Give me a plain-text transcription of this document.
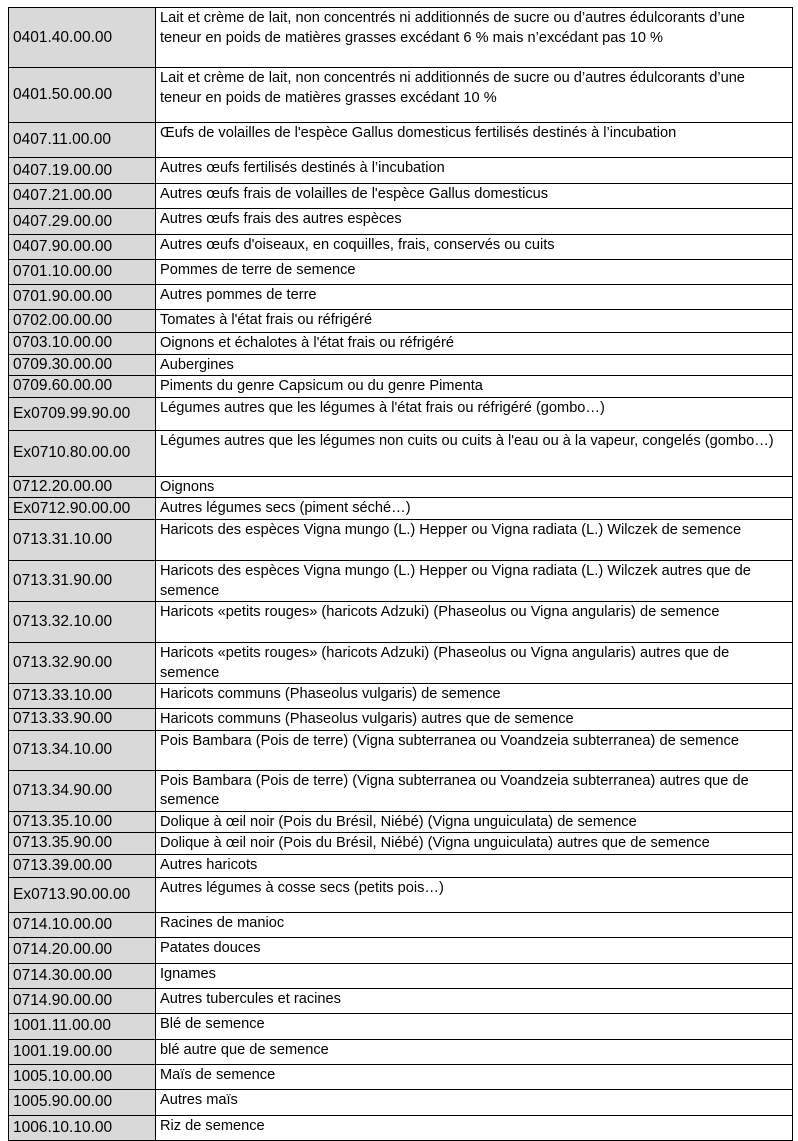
0401.40.00.00	Lait et crème de lait, non concentrés ni additionnés de sucre ou d’autres édulcorants d’une teneur en poids de matières grasses excédant 6 % mais n’excédant pas 10 %
0401.50.00.00	Lait et crème de lait, non concentrés ni additionnés de sucre ou d’autres édulcorants d’une teneur en poids de matières grasses excédant 10 %
0407.11.00.00	Œufs de volailles de l'espèce Gallus domesticus fertilisés destinés à l’incubation
0407.19.00.00	Autres œufs fertilisés destinés à l’incubation
0407.21.00.00	Autres œufs frais de volailles de l'espèce Gallus domesticus
0407.29.00.00	Autres œufs frais des autres espèces
0407.90.00.00	Autres œufs d'oiseaux, en coquilles, frais, conservés ou cuits
0701.10.00.00	Pommes de terre de semence
0701.90.00.00	Autres pommes de terre
0702.00.00.00	Tomates à l'état frais ou réfrigéré
0703.10.00.00	Oignons et échalotes à l'état frais ou réfrigéré
0709.30.00.00	Aubergines
0709.60.00.00	Piments du genre Capsicum ou du genre Pimenta
Ex0709.99.90.00	Légumes autres que les légumes à l'état frais ou réfrigéré (gombo…)
Ex0710.80.00.00	Légumes autres que les légumes non cuits ou cuits à l'eau ou à la vapeur, congelés (gombo…)
0712.20.00.00	Oignons
Ex0712.90.00.00	Autres légumes secs (piment séché…)
0713.31.10.00	Haricots des espèces Vigna mungo (L.) Hepper ou Vigna radiata (L.) Wilczek de semence
0713.31.90.00	Haricots des espèces Vigna mungo (L.) Hepper ou Vigna radiata (L.) Wilczek autres que de semence
0713.32.10.00	Haricots «petits rouges» (haricots Adzuki) (Phaseolus ou Vigna angularis) de semence
0713.32.90.00	Haricots «petits rouges» (haricots Adzuki) (Phaseolus ou Vigna angularis) autres que de semence
0713.33.10.00	Haricots communs (Phaseolus vulgaris) de semence
0713.33.90.00	Haricots communs (Phaseolus vulgaris) autres que de semence
0713.34.10.00	Pois Bambara (Pois de terre) (Vigna subterranea ou Voandzeia subterranea) de semence
0713.34.90.00	Pois Bambara (Pois de terre) (Vigna subterranea ou Voandzeia subterranea) autres que de semence
0713.35.10.00	Dolique à œil noir (Pois du Brésil, Niébé) (Vigna unguiculata) de semence
0713.35.90.00	Dolique à œil noir (Pois du Brésil, Niébé) (Vigna unguiculata) autres que de semence
0713.39.00.00	Autres haricots
Ex0713.90.00.00	Autres légumes à cosse secs (petits pois…)
0714.10.00.00	Racines de manioc
0714.20.00.00	Patates douces
0714.30.00.00	Ignames
0714.90.00.00	Autres tubercules et racines
1001.11.00.00	Blé de semence
1001.19.00.00	blé autre que de semence
1005.10.00.00	Maïs de semence
1005.90.00.00	Autres maïs
1006.10.10.00	Riz de semence
